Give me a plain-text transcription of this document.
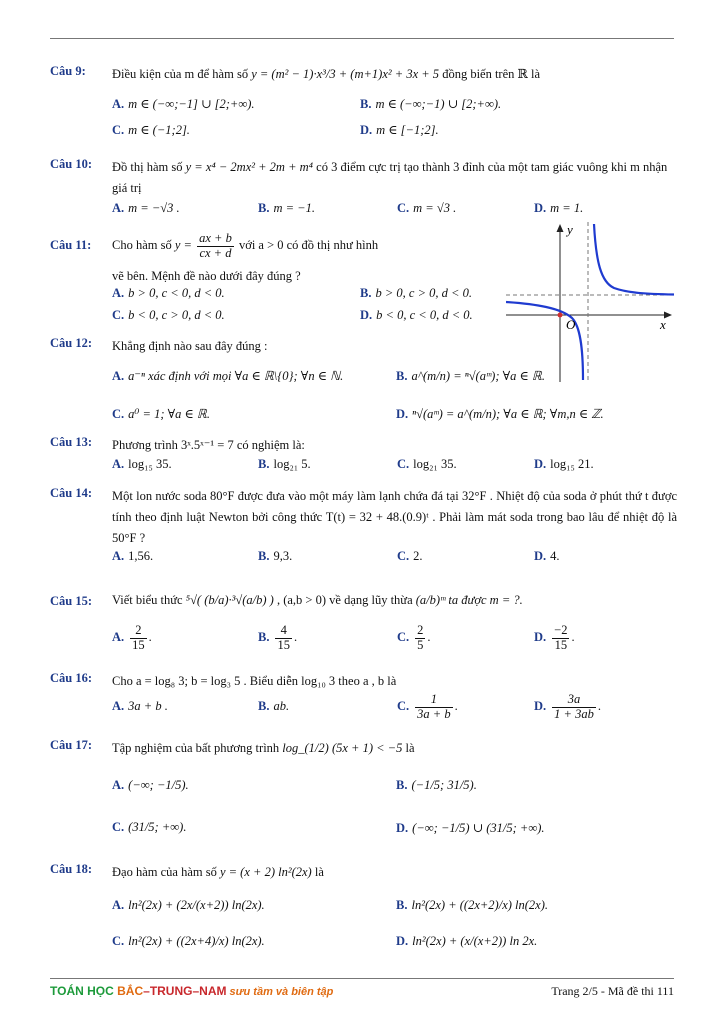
Câu 9:	Điều kiện của m để hàm số y = (m² − 1)·x³/3 + (m+1)x² + 3x + 5 đồng biến trên ℝ là
A. m ∈ (−∞;−1] ∪ [2;+∞).	B. m ∈ (−∞;−1) ∪ [2;+∞).
C. m ∈ (−1;2].	D. m ∈ [−1;2].
Câu 10:	Đồ thị hàm số y = x⁴ − 2mx² + 2m + m⁴ có 3 điểm cực trị tạo thành 3 đỉnh của một tam giác vuông khi m nhận giá trị
A. m = −√3 .	B. m = −1.	C. m = √3 .	D. m = 1.
Câu 11:	Cho hàm số $y = \frac{ax + b}{cx + d}$ với a > 0 có đồ thị như hình
vẽ bên. Mệnh đề nào dưới đây đúng ?
A. b > 0, c < 0, d < 0.	B. b > 0, c > 0, d < 0.
C. b < 0, c > 0, d < 0.	D. b < 0, c < 0, d < 0.
O
y
x
Câu 12:	Khẳng định nào sau đây đúng :
A. a⁻ⁿ xác định với mọi ∀a ∈ ℝ\{0}; ∀n ∈ ℕ.	B. a^(m/n) = ⁿ√(aᵐ); ∀a ∈ ℝ.
C. a⁰ = 1; ∀a ∈ ℝ.	D. ⁿ√(aᵐ) = a^(m/n); ∀a ∈ ℝ; ∀m,n ∈ ℤ.
Câu 13:	Phương trình 3ˣ.5ˣ⁻¹ = 7 có nghiệm là:
A. log₁₅ 35.	B. log₂₁ 5.	C. log₂₁ 35.	D. log₁₅ 21.
Câu 14:	Một lon nước soda 80°F được đưa vào một máy làm lạnh chứa đá tại 32°F . Nhiệt độ của soda ở phút thứ t được tính theo định luật Newton bởi công thức T(t) = 32 + 48.(0.9)ᵗ . Phải làm mát soda trong bao lâu để nhiệt độ là 50°F ?
A. 1,56.	B. 9,3.	C. 2.	D. 4.
Câu 15:	Viết biểu thức ⁵√( (b/a)·³√(a/b) ) , (a,b > 0) về dạng lũy thừa (a/b)ᵐ ta được m = ?.
A. $\frac{2}{15}$ .	B. $\frac{4}{15}$ .	C. $\frac{2}{5}$ .	D. $\frac{-2}{15}$ .
Câu 16:	Cho a = log₈ 3; b = log₃ 5 . Biểu diễn log₁₀ 3 theo a , b là
A. 3a + b .	B. ab.	C. $\frac{1}{3a + b}$ .	D. $\frac{3a}{1 + 3ab}$ .
Câu 17:	Tập nghiệm của bất phương trình log_(1/2) (5x + 1) < −5 là
A. (−∞; −1/5).	B. (−1/5; 31/5).
C. (31/5; +∞).	D. (−∞; −1/5) ∪ (31/5; +∞).
Câu 18:	Đạo hàm của hàm số y = (x + 2) ln²(2x) là
A. ln²(2x) + (2x/(x+2)) ln(2x).	B. ln²(2x) + ((2x+2)/x) ln(2x).
C. ln²(2x) + ((2x+4)/x) ln(2x).	D. ln²(2x) + (x/(x+2)) ln 2x.
TOÁN HỌC BẮC–TRUNG–NAM sưu tầm và biên tập	Trang 2/5 - Mã đề thi 111
